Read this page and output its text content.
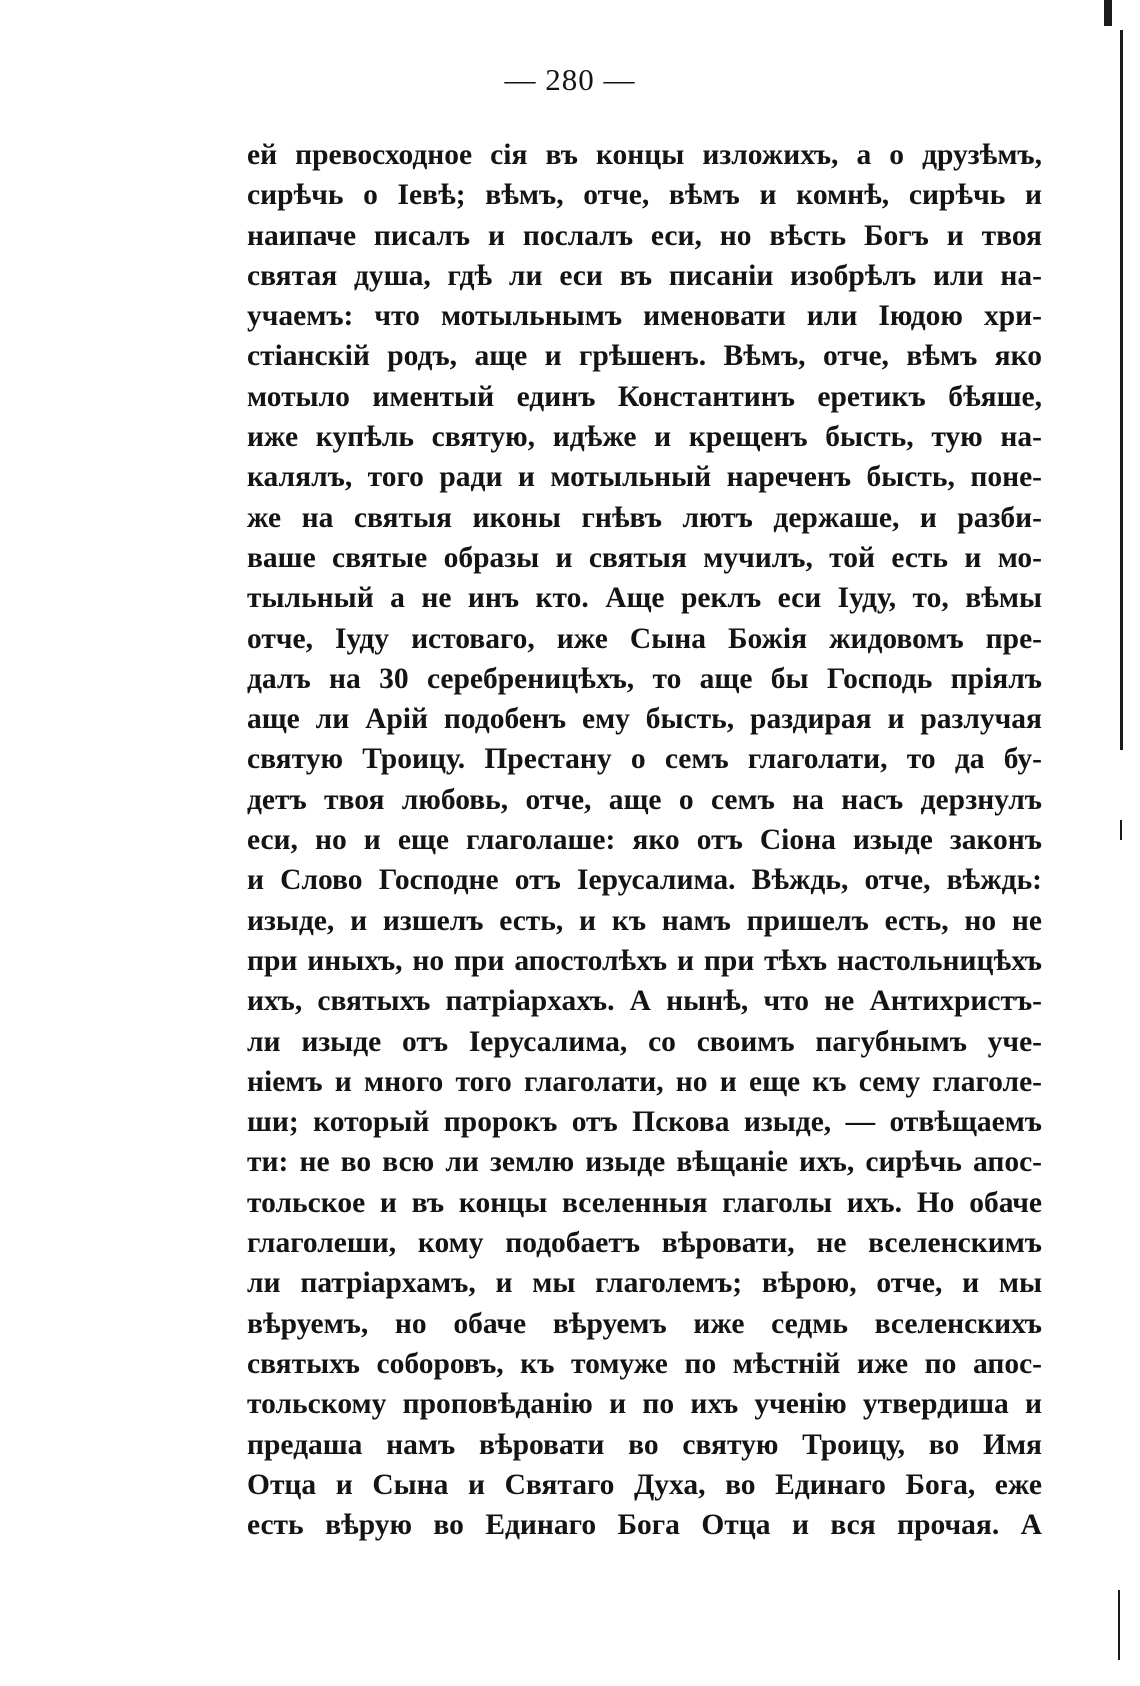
— 280 —
ей превосходное сія въ концы изложихъ, а о друзѣмъ,
сирѣчь о Іевѣ; вѣмъ, отче, вѣмъ и комнѣ, сирѣчь и
наипаче писалъ и послалъ еси, но вѣсть Богъ и твоя
святая душа, гдѣ ли еси въ писаніи изобрѣлъ или на-
учаемъ: что мотыльнымъ именовати или Іюдою хри-
стіанскій родъ, аще и грѣшенъ. Вѣмъ, отче, вѣмъ яко
мотыло иментый единъ Константинъ еретикъ бѣяше,
иже купѣль святую, идѣже и крещенъ бысть, тую на-
калялъ, того ради и мотыльный нареченъ бысть, поне-
же на святыя иконы гнѣвъ лютъ держаше, и разби-
ваше святые образы и святыя мучилъ, той есть и мо-
тыльный а не инъ кто. Аще реклъ еси Іуду, то, вѣмы
отче, Іуду истоваго, иже Сына Божія жидовомъ пре-
далъ на 30 серебреницѣхъ, то аще бы Господь пріялъ
аще ли Арій подобенъ ему бысть, раздирая и разлучая
святую Троицу. Престану о семъ глаголати, то да бу-
детъ твоя любовь, отче, аще о семъ на насъ дерзнулъ
еси, но и еще глаголаше: яко отъ Сіона изыде законъ
и Слово Господне отъ Іерусалима. Вѣждь, отче, вѣждь:
изыде, и изшелъ есть, и къ намъ пришелъ есть, но не
при иныхъ, но при апостолѣхъ и при тѣхъ настольницѣхъ
ихъ, святыхъ патріархахъ. А нынѣ, что не Антихристъ-
ли изыде отъ Іерусалима, со своимъ пагубнымъ уче-
ніемъ и много того глаголати, но и еще къ сему глаголе-
ши; который пророкъ отъ Пскова изыде, — отвѣщаемъ
ти: не во всю ли землю изыде вѣщаніе ихъ, сирѣчь апос-
тольское и въ концы вселенныя глаголы ихъ. Но обаче
глаголеши, кому подобаетъ вѣровати, не вселенскимъ
ли патріархамъ, и мы глаголемъ; вѣрою, отче, и мы
вѣруемъ, но обаче вѣруемъ иже седмь вселенскихъ
святыхъ соборовъ, къ томуже по мѣстній иже по апос-
тольскому проповѣданію и по ихъ ученію утвердиша и
предаша намъ вѣровати во святую Троицу, во Имя
Отца и Сына и Святаго Духа, во Единаго Бога, еже
есть вѣрую во Единаго Бога Отца и вся прочая. А
